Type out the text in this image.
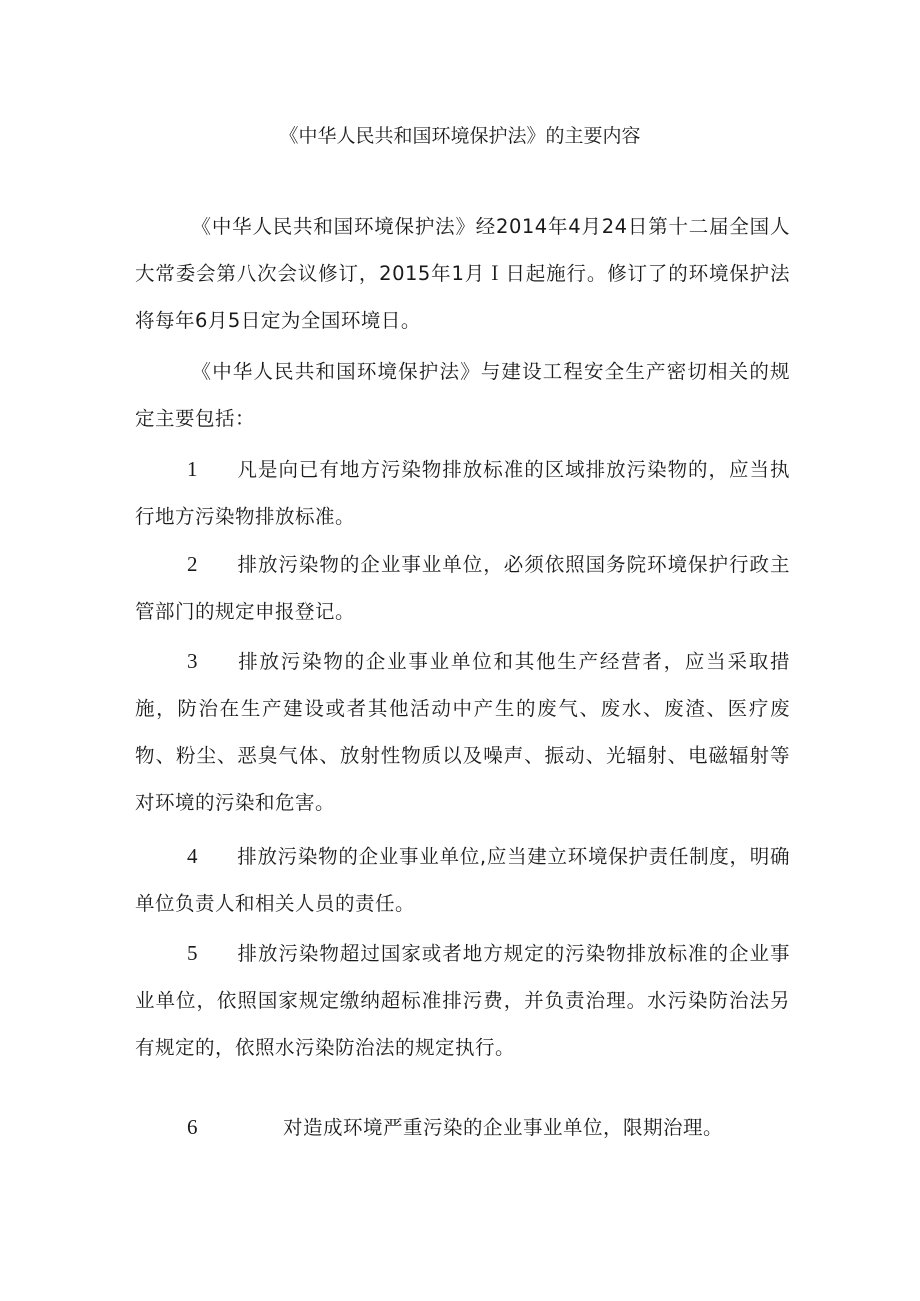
《中华人民共和国环境保护法》的主要内容
《中华人民共和国环境保护法》经2014年4月24日第十二届全国人大常委会第八次会议修订，2015年1月Ｉ日起施行。修订了的环境保护法将每年6月5日定为全国环境日。
《中华人民共和国环境保护法》与建设工程安全生产密切相关的规定主要包括：
1 凡是向已有地方污染物排放标准的区域排放污染物的，应当执行地方污染物排放标准。
2 排放污染物的企业事业单位，必须依照国务院环境保护行政主管部门的规定申报登记。
3 排放污染物的企业事业单位和其他生产经营者，应当采取措施，防治在生产建设或者其他活动中产生的废气、废水、废渣、医疗废物、粉尘、恶臭气体、放射性物质以及噪声、振动、光辐射、电磁辐射等对环境的污染和危害。
4 排放污染物的企业事业单位,应当建立环境保护责任制度，明确单位负责人和相关人员的责任。
5 排放污染物超过国家或者地方规定的污染物排放标准的企业事业单位，依照国家规定缴纳超标准排污费，并负责治理。水污染防治法另有规定的，依照水污染防治法的规定执行。
6	对造成环境严重污染的企业事业单位，限期治理。
